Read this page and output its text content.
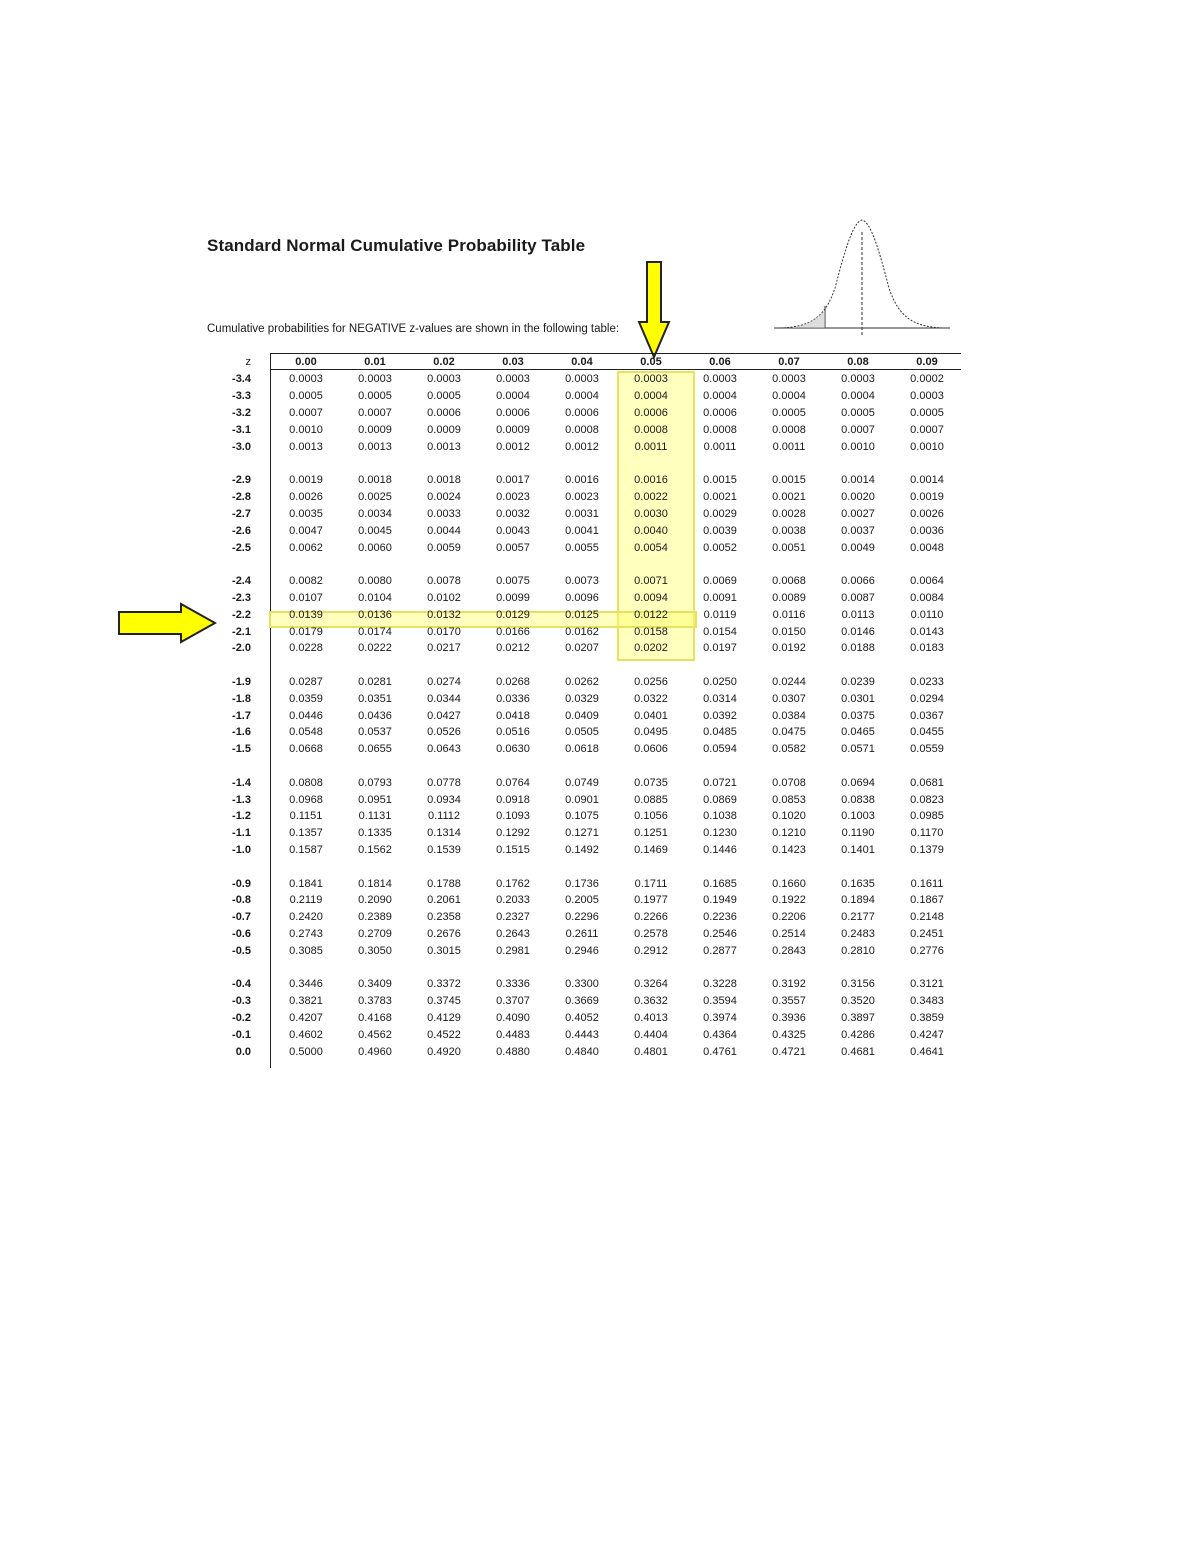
Standard Normal Cumulative Probability Table
Cumulative probabilities for NEGATIVE z-values are shown in the following table:
z	0.00	0.01	0.02	0.03	0.04	0.05	0.06	0.07	0.08	0.09
-3.4	0.0003	0.0003	0.0003	0.0003	0.0003	0.0003	0.0003	0.0003	0.0003	0.0002
-3.3	0.0005	0.0005	0.0005	0.0004	0.0004	0.0004	0.0004	0.0004	0.0004	0.0003
-3.2	0.0007	0.0007	0.0006	0.0006	0.0006	0.0006	0.0006	0.0005	0.0005	0.0005
-3.1	0.0010	0.0009	0.0009	0.0009	0.0008	0.0008	0.0008	0.0008	0.0007	0.0007
-3.0	0.0013	0.0013	0.0013	0.0012	0.0012	0.0011	0.0011	0.0011	0.0010	0.0010
-2.9	0.0019	0.0018	0.0018	0.0017	0.0016	0.0016	0.0015	0.0015	0.0014	0.0014
-2.8	0.0026	0.0025	0.0024	0.0023	0.0023	0.0022	0.0021	0.0021	0.0020	0.0019
-2.7	0.0035	0.0034	0.0033	0.0032	0.0031	0.0030	0.0029	0.0028	0.0027	0.0026
-2.6	0.0047	0.0045	0.0044	0.0043	0.0041	0.0040	0.0039	0.0038	0.0037	0.0036
-2.5	0.0062	0.0060	0.0059	0.0057	0.0055	0.0054	0.0052	0.0051	0.0049	0.0048
-2.4	0.0082	0.0080	0.0078	0.0075	0.0073	0.0071	0.0069	0.0068	0.0066	0.0064
-2.3	0.0107	0.0104	0.0102	0.0099	0.0096	0.0094	0.0091	0.0089	0.0087	0.0084
-2.2	0.0139	0.0136	0.0132	0.0129	0.0125	0.0122	0.0119	0.0116	0.0113	0.0110
-2.1	0.0179	0.0174	0.0170	0.0166	0.0162	0.0158	0.0154	0.0150	0.0146	0.0143
-2.0	0.0228	0.0222	0.0217	0.0212	0.0207	0.0202	0.0197	0.0192	0.0188	0.0183
-1.9	0.0287	0.0281	0.0274	0.0268	0.0262	0.0256	0.0250	0.0244	0.0239	0.0233
-1.8	0.0359	0.0351	0.0344	0.0336	0.0329	0.0322	0.0314	0.0307	0.0301	0.0294
-1.7	0.0446	0.0436	0.0427	0.0418	0.0409	0.0401	0.0392	0.0384	0.0375	0.0367
-1.6	0.0548	0.0537	0.0526	0.0516	0.0505	0.0495	0.0485	0.0475	0.0465	0.0455
-1.5	0.0668	0.0655	0.0643	0.0630	0.0618	0.0606	0.0594	0.0582	0.0571	0.0559
-1.4	0.0808	0.0793	0.0778	0.0764	0.0749	0.0735	0.0721	0.0708	0.0694	0.0681
-1.3	0.0968	0.0951	0.0934	0.0918	0.0901	0.0885	0.0869	0.0853	0.0838	0.0823
-1.2	0.1151	0.1131	0.1112	0.1093	0.1075	0.1056	0.1038	0.1020	0.1003	0.0985
-1.1	0.1357	0.1335	0.1314	0.1292	0.1271	0.1251	0.1230	0.1210	0.1190	0.1170
-1.0	0.1587	0.1562	0.1539	0.1515	0.1492	0.1469	0.1446	0.1423	0.1401	0.1379
-0.9	0.1841	0.1814	0.1788	0.1762	0.1736	0.1711	0.1685	0.1660	0.1635	0.1611
-0.8	0.2119	0.2090	0.2061	0.2033	0.2005	0.1977	0.1949	0.1922	0.1894	0.1867
-0.7	0.2420	0.2389	0.2358	0.2327	0.2296	0.2266	0.2236	0.2206	0.2177	0.2148
-0.6	0.2743	0.2709	0.2676	0.2643	0.2611	0.2578	0.2546	0.2514	0.2483	0.2451
-0.5	0.3085	0.3050	0.3015	0.2981	0.2946	0.2912	0.2877	0.2843	0.2810	0.2776
-0.4	0.3446	0.3409	0.3372	0.3336	0.3300	0.3264	0.3228	0.3192	0.3156	0.3121
-0.3	0.3821	0.3783	0.3745	0.3707	0.3669	0.3632	0.3594	0.3557	0.3520	0.3483
-0.2	0.4207	0.4168	0.4129	0.4090	0.4052	0.4013	0.3974	0.3936	0.3897	0.3859
-0.1	0.4602	0.4562	0.4522	0.4483	0.4443	0.4404	0.4364	0.4325	0.4286	0.4247
0.0	0.5000	0.4960	0.4920	0.4880	0.4840	0.4801	0.4761	0.4721	0.4681	0.4641
